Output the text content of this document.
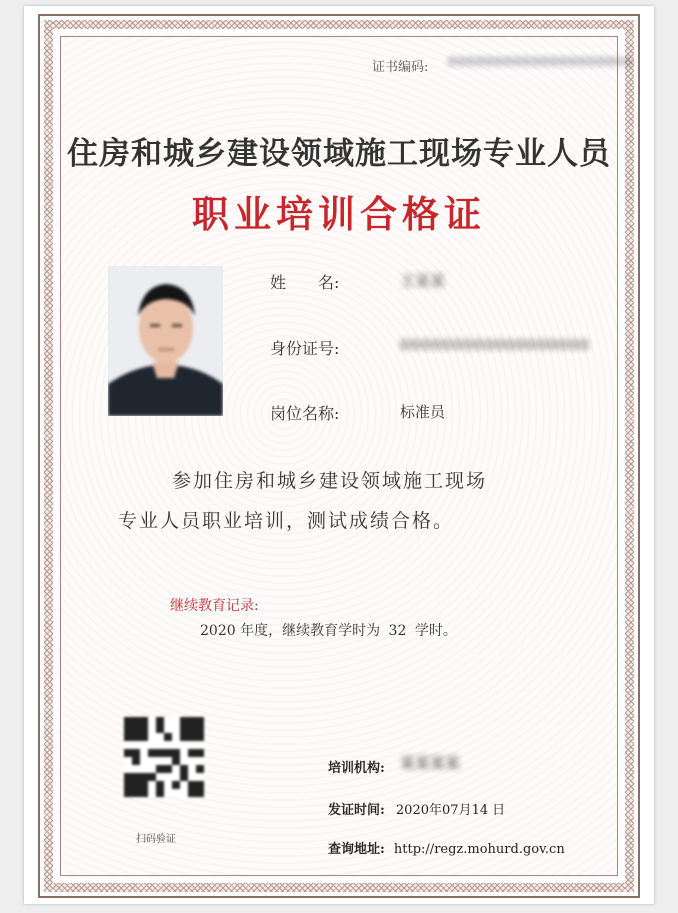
证书编码: 00000000000000000000
住房和城乡建设领域施工现场专业人员
职业培训合格证
姓　　名:	王某某
身份证号:	000000000000000000
岗位名称:	标准员
参加住房和城乡建设领域施工现场
专业人员职业培训，测试成绩合格。
继续教育记录:
2020 年度，继续教育学时为 32 学时。
扫码验证
培训机构: 某某某某
发证时间: 2020年07月14 日
查询地址: http://regz.mohurd.gov.cn
